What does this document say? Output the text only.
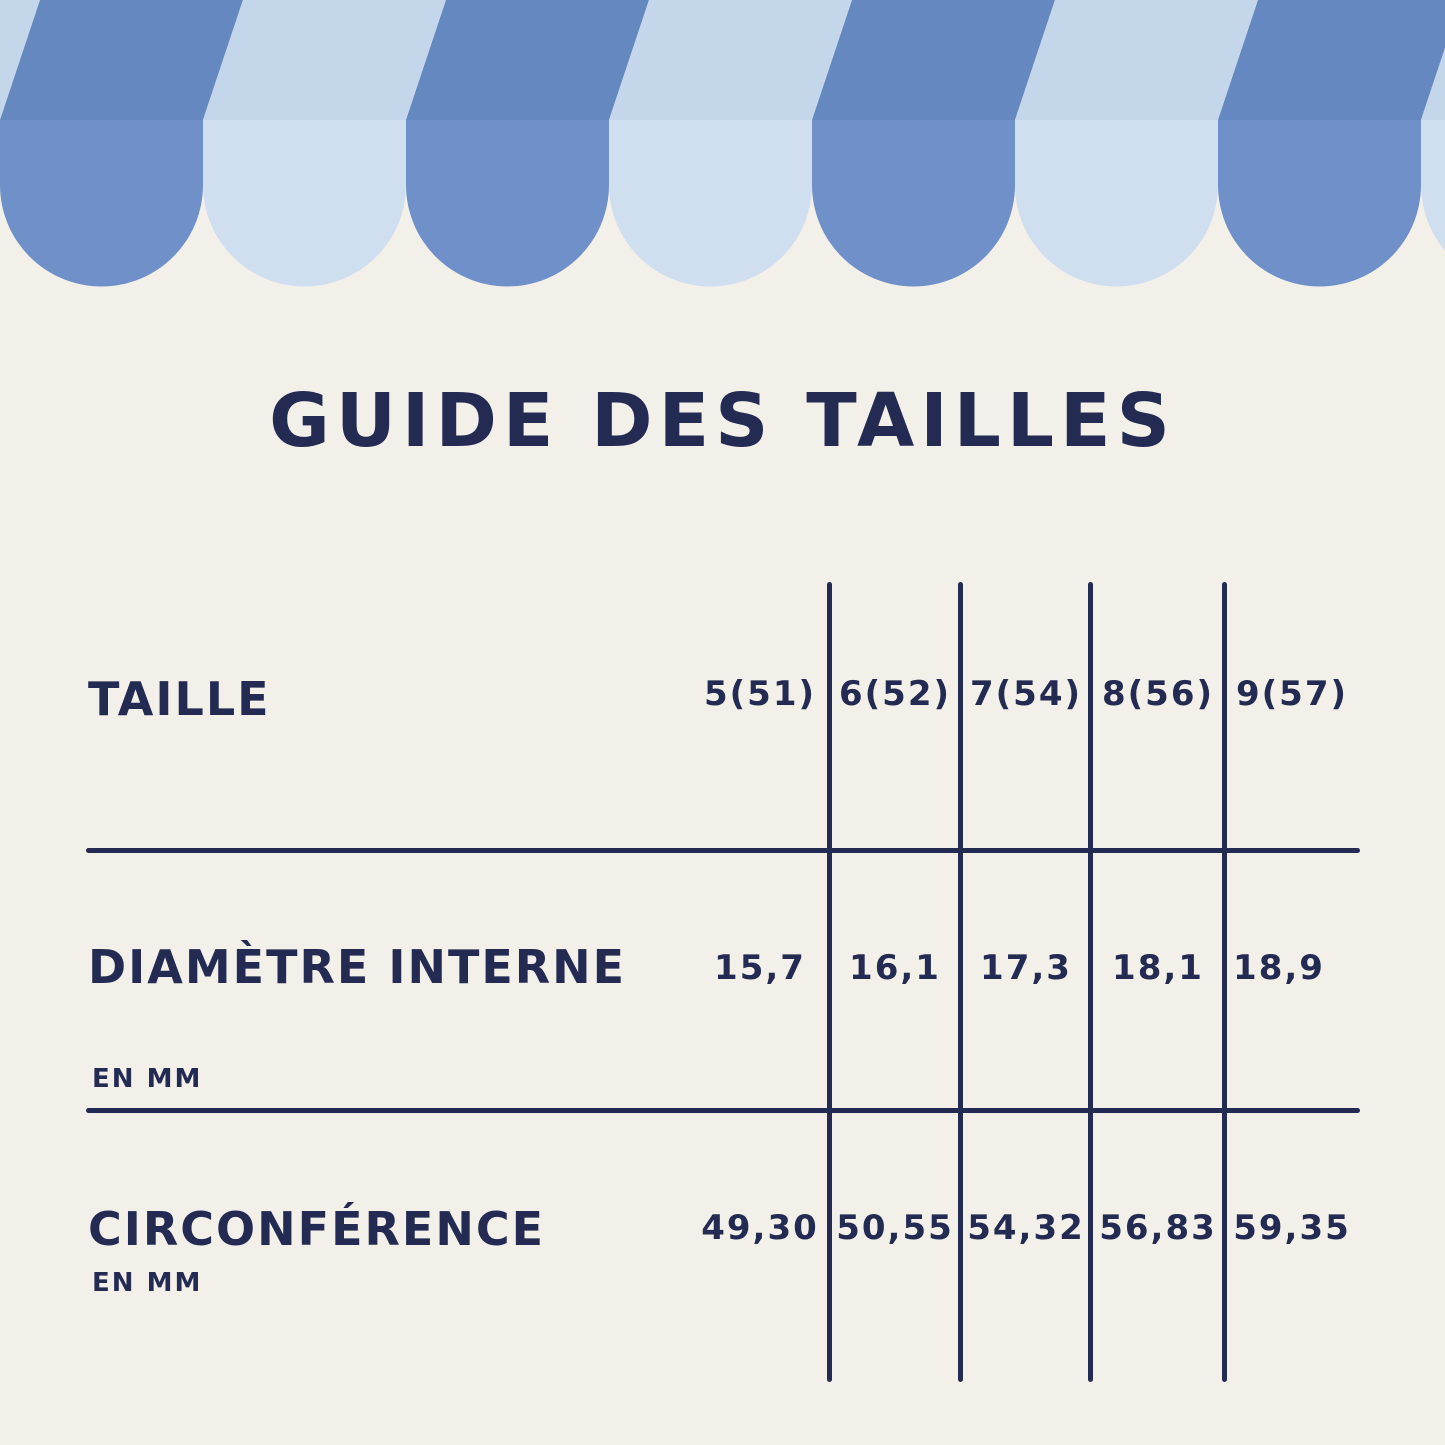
GUIDE DES TAILLES
TAILLE	5(51) 6(52) 7(54) 8(56) 9(57)
DIAMÈTRE INTERNE
EN MM
15,7	16,1	17,3	18,1 18,9
CIRCONFÉRENCE
EN MM
49,30 50,55 54,32 56,83 59,35
